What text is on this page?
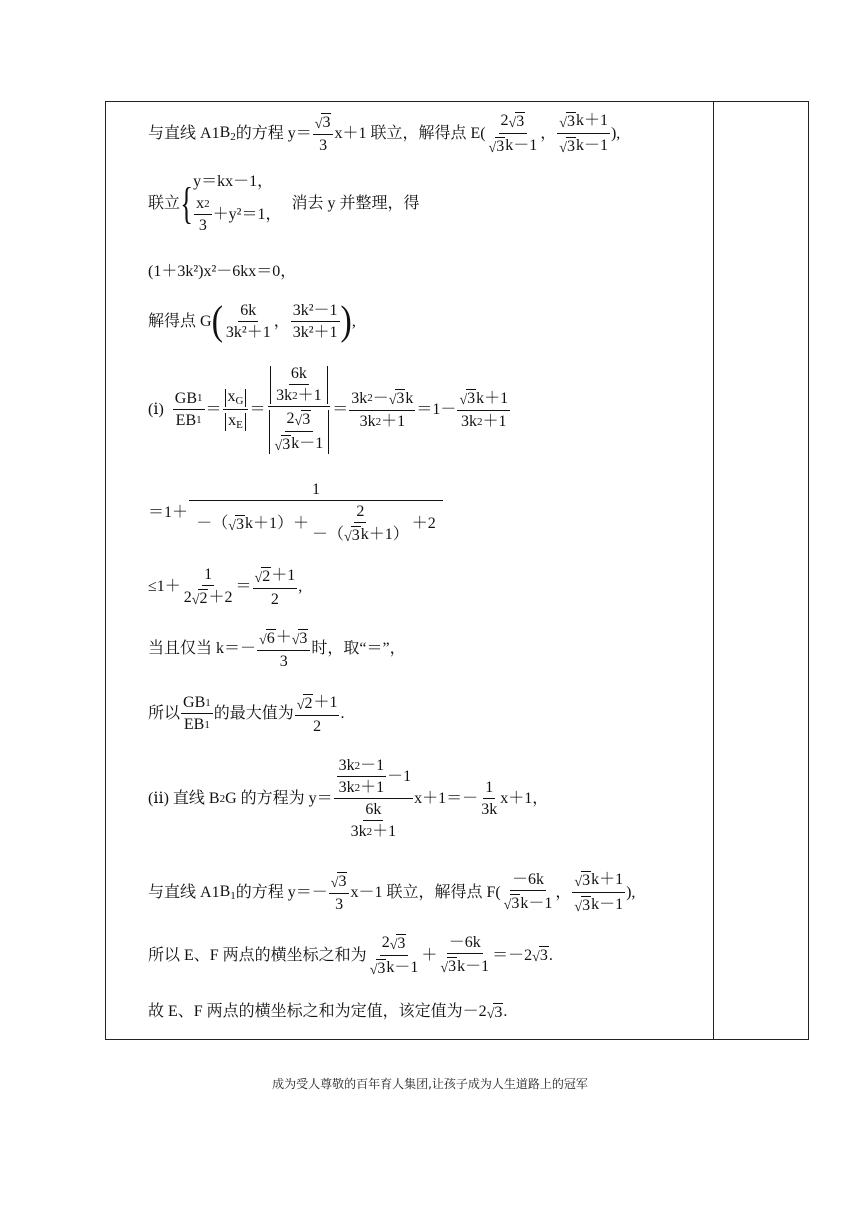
与直线 A 1 $B_2$ 的方程 $y= \frac{√ 3}{3} x+1$ 联立，解得点 $E( \frac{2 √ 3}{√ 3 k-1}$ ， $\frac{√ 3 k+1}{√ 3 k-1}$ ),
联立 { y＝kx－1，
$\frac{x 2}{3} +y^2=1$，
消去 y 并整理，得
(1＋3k²)x²－6kx＝0，
解得点 G ( $\frac{6k}{\text{3k²＋1}}$ ， $\frac{\text{3k²－1}}{\text{3k²＋1}}$ ) ,
(ⅰ) $\frac{GB 1}{EB 1} = \frac{x_G}{x_E} = \frac{\frac{6k}{3k 2 +1}}{\frac{2 √ 3}{√ 3 k-1}} = \frac{3k 2 - √ 3 k}{3k 2 +1} =1- \frac{√ 3 k+1}{3k 2 +1}$
$=1+ \frac{1}{-( √ 3 k+1)+ \frac{2}{-( √ 3 k+1)} +2}$
$\le 1+ \frac{1}{2 √ 2 +2} = \frac{√ 2 +1}{2}$ ,
当且仅当 $k=- \frac{√ 6 + √ 3}{3}$ 时，取“＝”，
所以 $\frac{GB 1}{EB 1}$ 的最大值为 $\frac{√ 2 +1}{2}$ .
(ⅱ) 直线 B 2 G 的方程为 $y= \frac{\frac{3k 2 -1}{3k 2 +1} -1}{\frac{6k}{3k 2 +1}} x+1=- \frac{1}{3k} x+1$，
与直线 A 1 $B_1$ 的方程 $y=- \frac{√ 3}{3} x-1$ 联立，解得点 $F( \frac{-6k}{√ 3 k-1}$ ， $\frac{√ 3 k+1}{√ 3 k-1}$ ),
所以 E、F 两点的横坐标之和为 $\frac{2 √ 3}{√ 3 k-1} + \frac{-6k}{√ 3 k-1} =-2$ √ 3 .
故 E、F 两点的横坐标之和为定值，该定值为－2 √ 3 .
成为受人尊敬的百年育人集团,让孩子成为人生道路上的冠军
